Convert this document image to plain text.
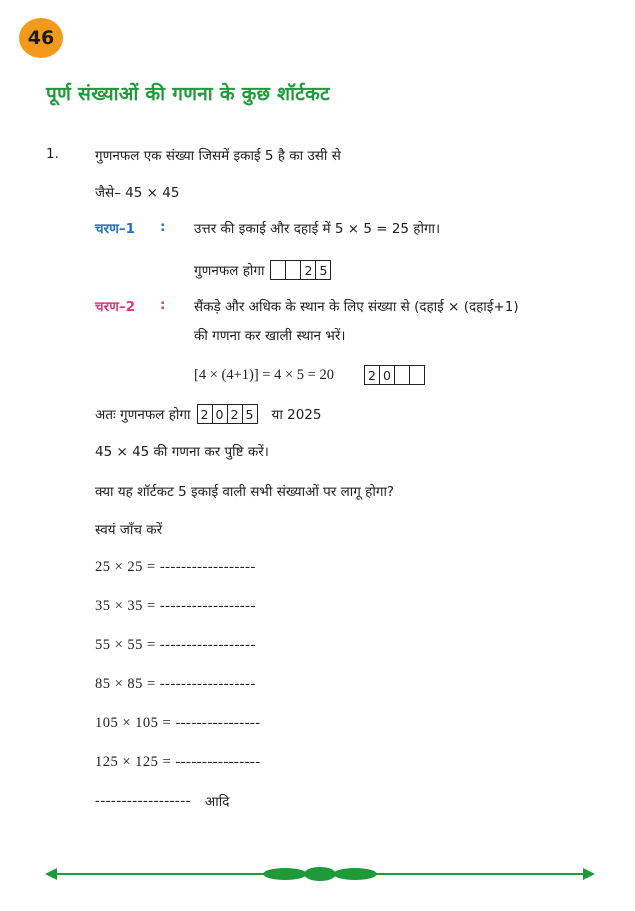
46
पूर्ण संख्याओं की गणना के कुछ शॉर्टकट
1.	गुणनफल एक संख्या जिसमें इकाई 5 है का उसी से
जैसे– 45 × 45
चरण–1 : उत्तर की इकाई और दहाई में 5 × 5 = 25 होगा।
गुणनफल होगा	2 5
चरण–2 : सैंकड़े और अधिक के स्थान के लिए संख्या से (दहाई × (दहाई+1)
की गणना कर खाली स्थान भरें।
[4 × (4+1)] = 4 × 5 = 20	2 0
अतः गुणनफल होगा 2 0 2 5 या 2025
45 × 45 की गणना कर पुष्टि करें।
क्या यह शॉर्टकट 5 इकाई वाली सभी संख्याओं पर लागू होगा?
स्वयं जाँच करें
25 × 25 = ------------------
35 × 35 = ------------------
55 × 55 = ------------------
85 × 85 = ------------------
105 × 105 = ----------------
125 × 125 = ----------------
------------------ आदि
